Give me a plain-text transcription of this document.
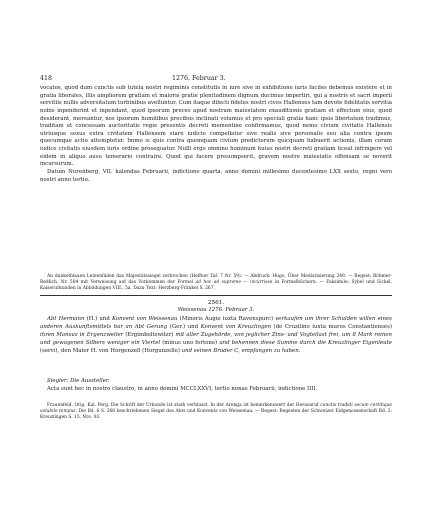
418	1276. Februar 3.

vocatos, quod dum cunctis sub tutela nostri regiminis constitutis in iure sive in exhibitione iuris faciles debemus existere et in gratia liberales, illis ampliorem gratiam et maioris gratie plenitudinem dignum ducimus impertiri, qui a nostris et sacri imperii servitiis nullis adversitatum turbinibus avelluntur. Cum itaque dilecti fideles nostri cives Hallenses tam devote fidelitatis servitia nobis inpenderint et inpendant, quod ipsorum preces apud nostram maiestatem exauditionis gratiam et effectum eius, quod desiderant, mereantur, nos ipsorum humilibus precibus inclinati volumus et pro speciali gratia hanc ipsis libertatem tradimus, traditam et concessam auctoritatis regie presentis decreti mementine confirmamus, quod nemo civium civitatis Hallensis utriusque sexus extra civitatem Hallensem stare iudicio compellatur sive realis sive personalis seu alia contra ipsum quecumque actio attemptetur. Immo si quis contra quemquam civium predictorum quicquam habuerit actionis, illam coram iudice civitatis eiusdem iuris ordine prosequatur. Nulli ergo omnino hominum huius nostri decreti gratiam liceat infringere vel eidem in aliquo ausu temerario contraire. Quod qui facere presumpserit, gravem nostre maiestatis offensam se noverit incursurum.

Datum Nurenberg, VII. kalendas Februarii, indictione quarta, anno domini millesimo ducentesimo LXX sexto, regni vero nostri anno tertio.

An dunkelblauen Leinenfäden das Majestätssiegel zerbrochen (Heffner Taf. 7 Nr. 59). — Abdruck: Hugo, Über Mediatisierung 249. — Regest: Böhmer-Redlich, Nr. 504 mit Verweisung auf das Vorkommen der Formel ad hoc ad supreme — incurrisse in Formelbüchern. — Faksimile: Sybel und Sickel, Kaiserurkunden in Abbildungen VIII., 5a. Dazu Text: Herzberg-Fränkel S. 267.

2561.
Weissenau 1276. Februar 3.

Abt Hermann (H.) und Konvent von Weissenau (Minoris Augie iuxta Ravenspurc) verkaufen um ihrer Schulden willen eines anderen Auskunftsmittels bar an Abt Gerung (Ger.) und Konvent von Kreuzlingen (de Cruzilino iuxta muros Constantienses) ihren Mansus in Ergenzweiler (Ergimboltswiler) mit aller Zugehörde, von jeglicher Zins- und Vogteilast frei, um 8 Mark reinen und gewogenen Silbers weniger ein Viertel (minus uno fertone) und behennen diese Summe durch die Kreuzlinger Eigenleute (servi), den Maier H. von Horgenzell (Horgunzelle) und seinen Bruder C, empfangen zu haben.

Siegler: Die Aussteller.

Acta sunt hec in nostro claustro, in anno domini MCCLXXVI, tertio nonas Februarii, indictione IIII.

Frauenfeld. Orig. Kal. Perg. Die Schrift der Urkunde ist stark verblasst. In der Arenga ist bemerkenswert der Herausruf cunctis tradidi secum certitique volubile tempus. Die Bd. 6 S. 266 beschriebenen Siegel des Abts und Konvents von Weissenau. — Regest: Regesten der Schweizer Eidgenossenschaft Bd. 2: Kreuzlingen S. 15, Nro. 93.
